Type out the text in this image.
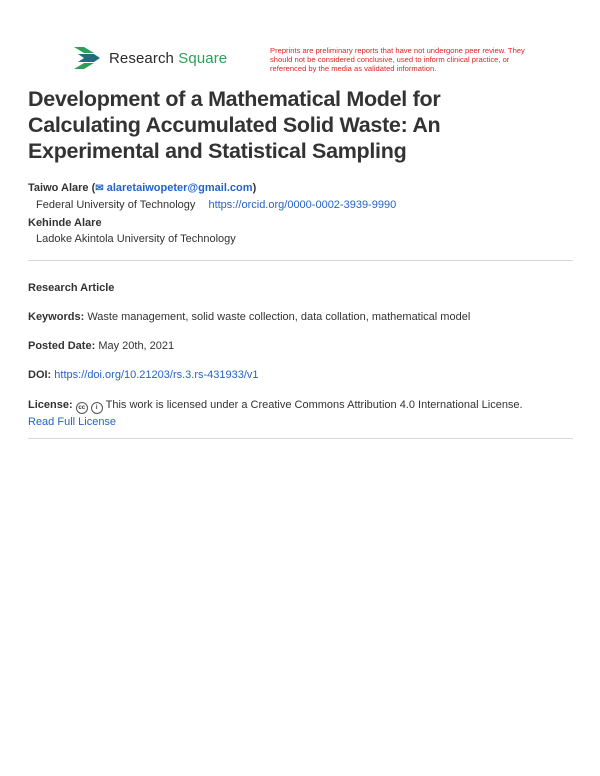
Research Square	Preprints are preliminary reports that have not undergone peer review. They should not be considered conclusive, used to inform clinical practice, or referenced by the media as validated information.
Development of a Mathematical Model for Calculating Accumulated Solid Waste: An Experimental and Statistical Sampling
Taiwo Alare (✉ alaretaiwopeter@gmail.com)
Federal University of Technology https://orcid.org/0000-0002-3939-9990
Kehinde Alare
Ladoke Akintola University of Technology
Research Article
Keywords: Waste management, solid waste collection, data collation, mathematical model
Posted Date: May 20th, 2021
DOI: https://doi.org/10.21203/rs.3.rs-431933/v1
License: cc i This work is licensed under a Creative Commons Attribution 4.0 International License.
Read Full License
